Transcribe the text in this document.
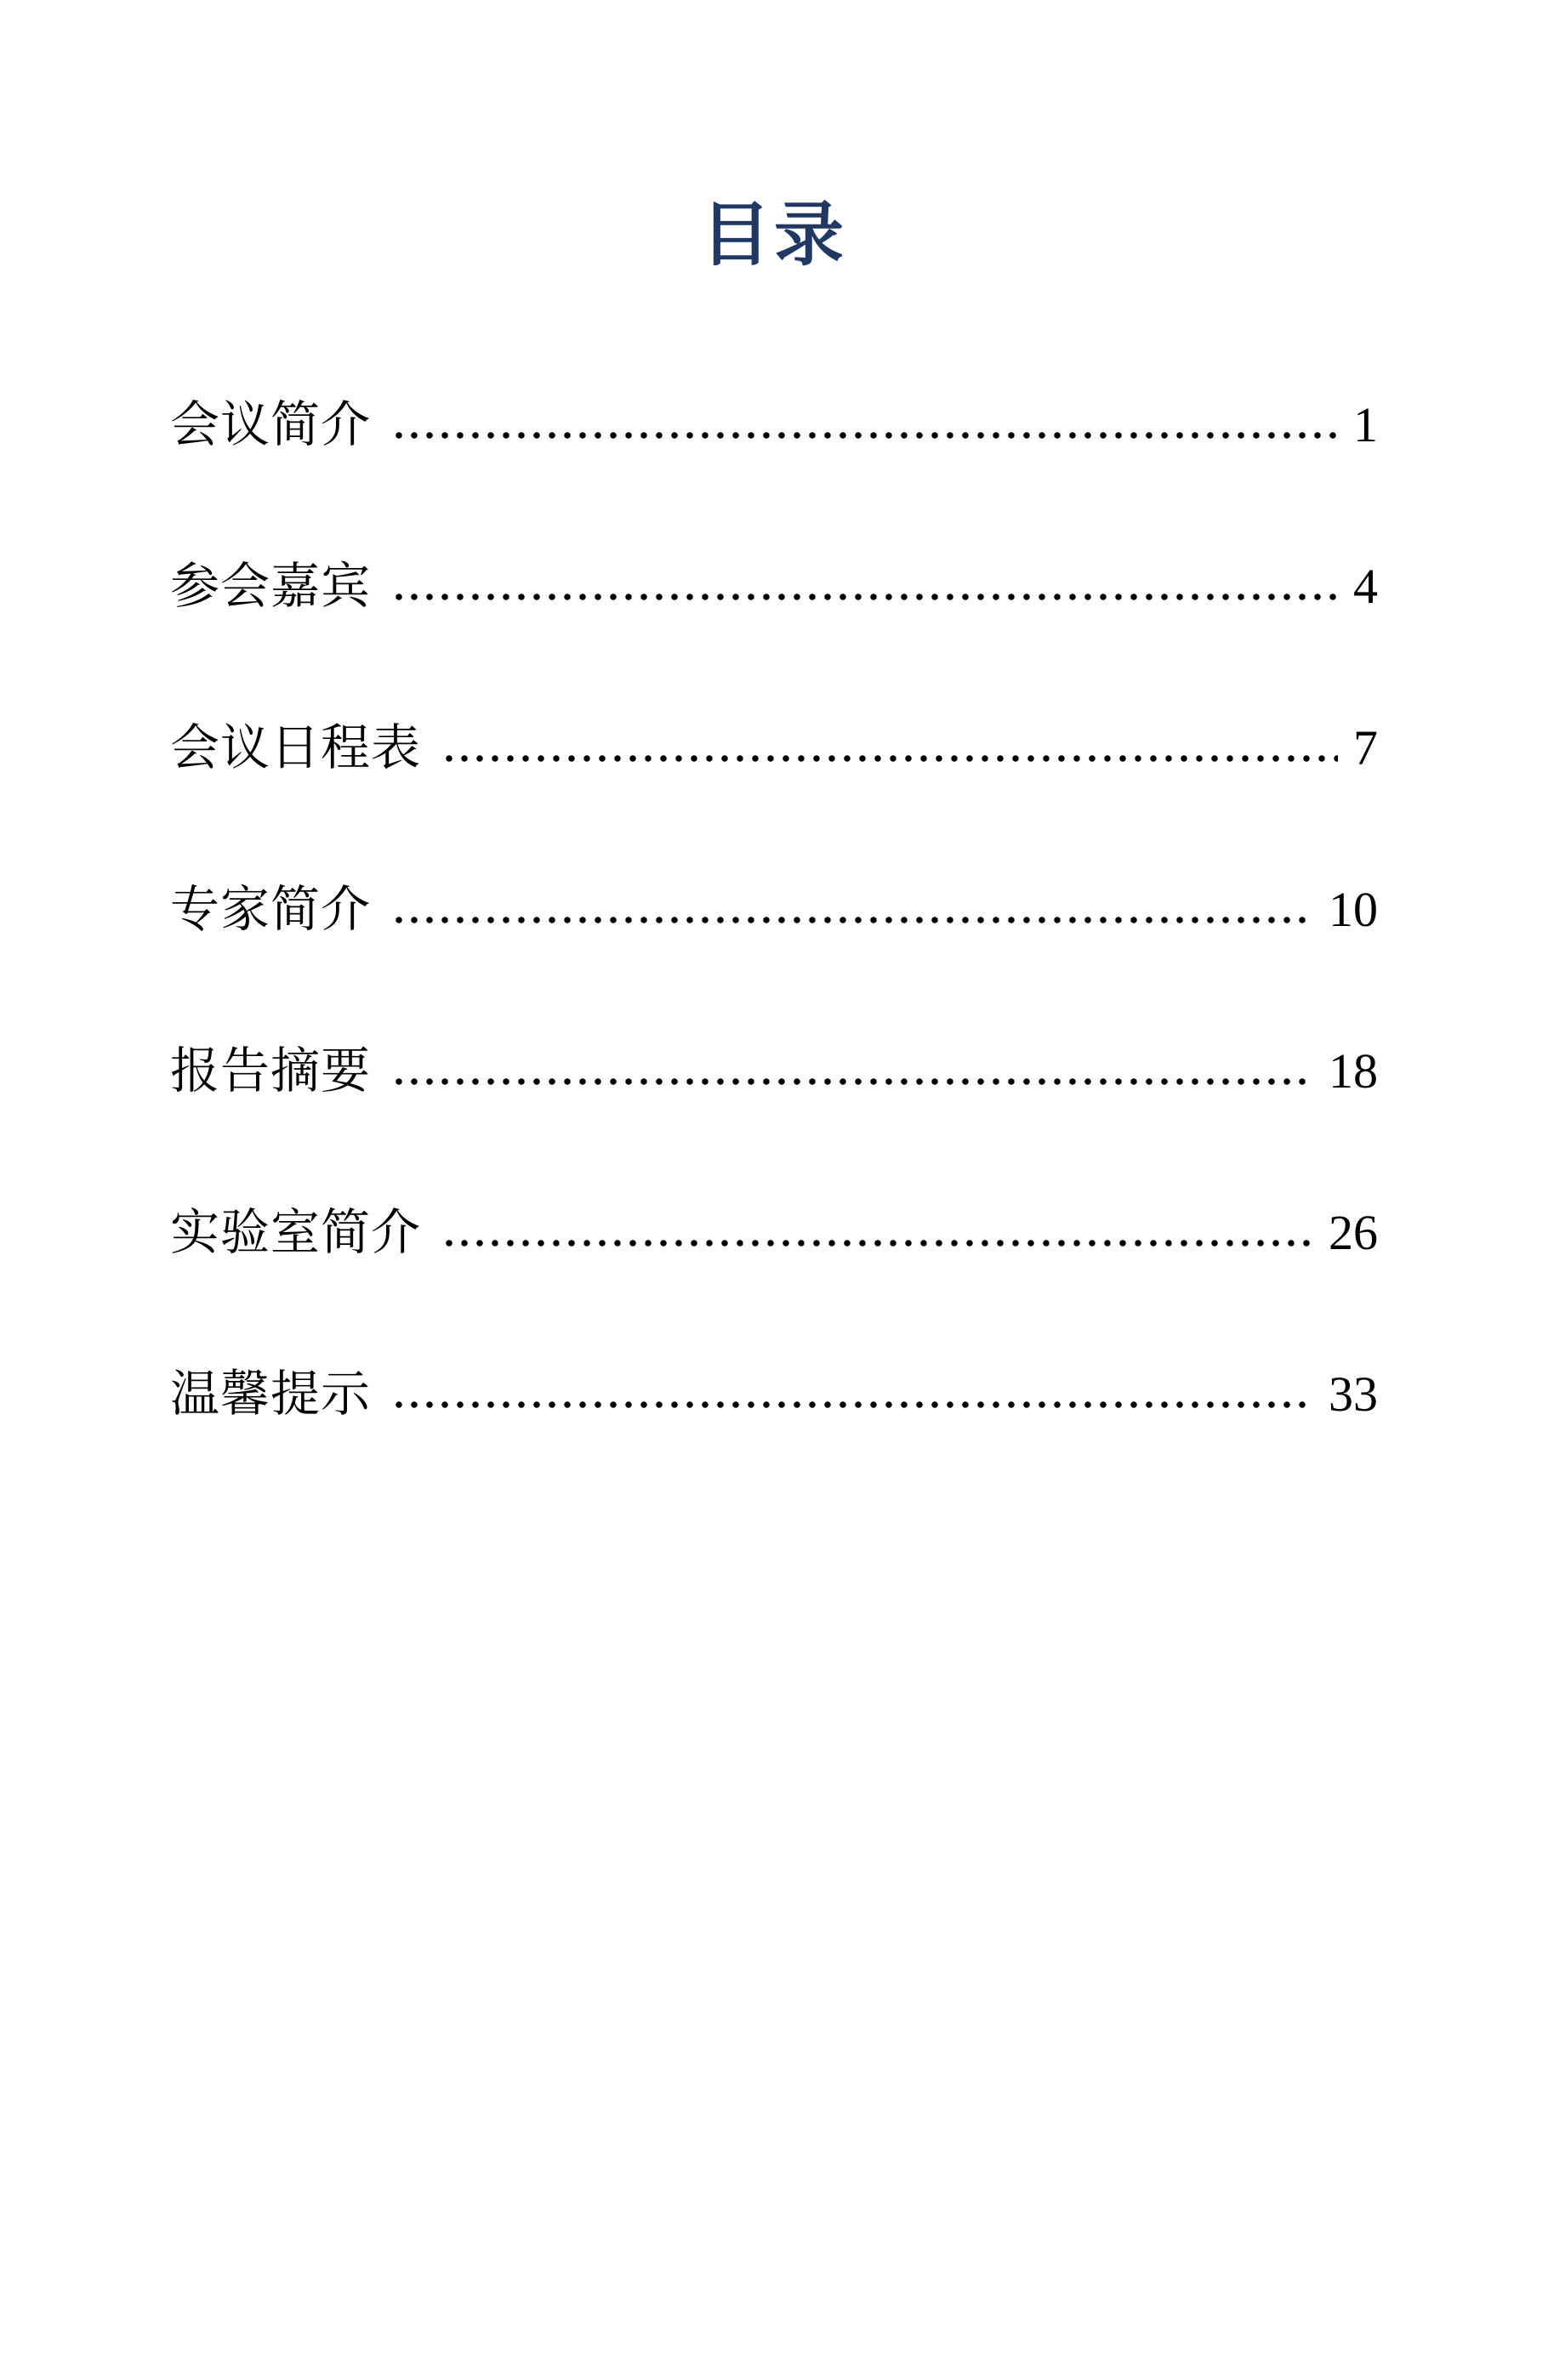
目录
会议简介	1
参会嘉宾	4
会议日程表	7
专家简介	10
报告摘要	18
实验室简介	26
温馨提示	33
